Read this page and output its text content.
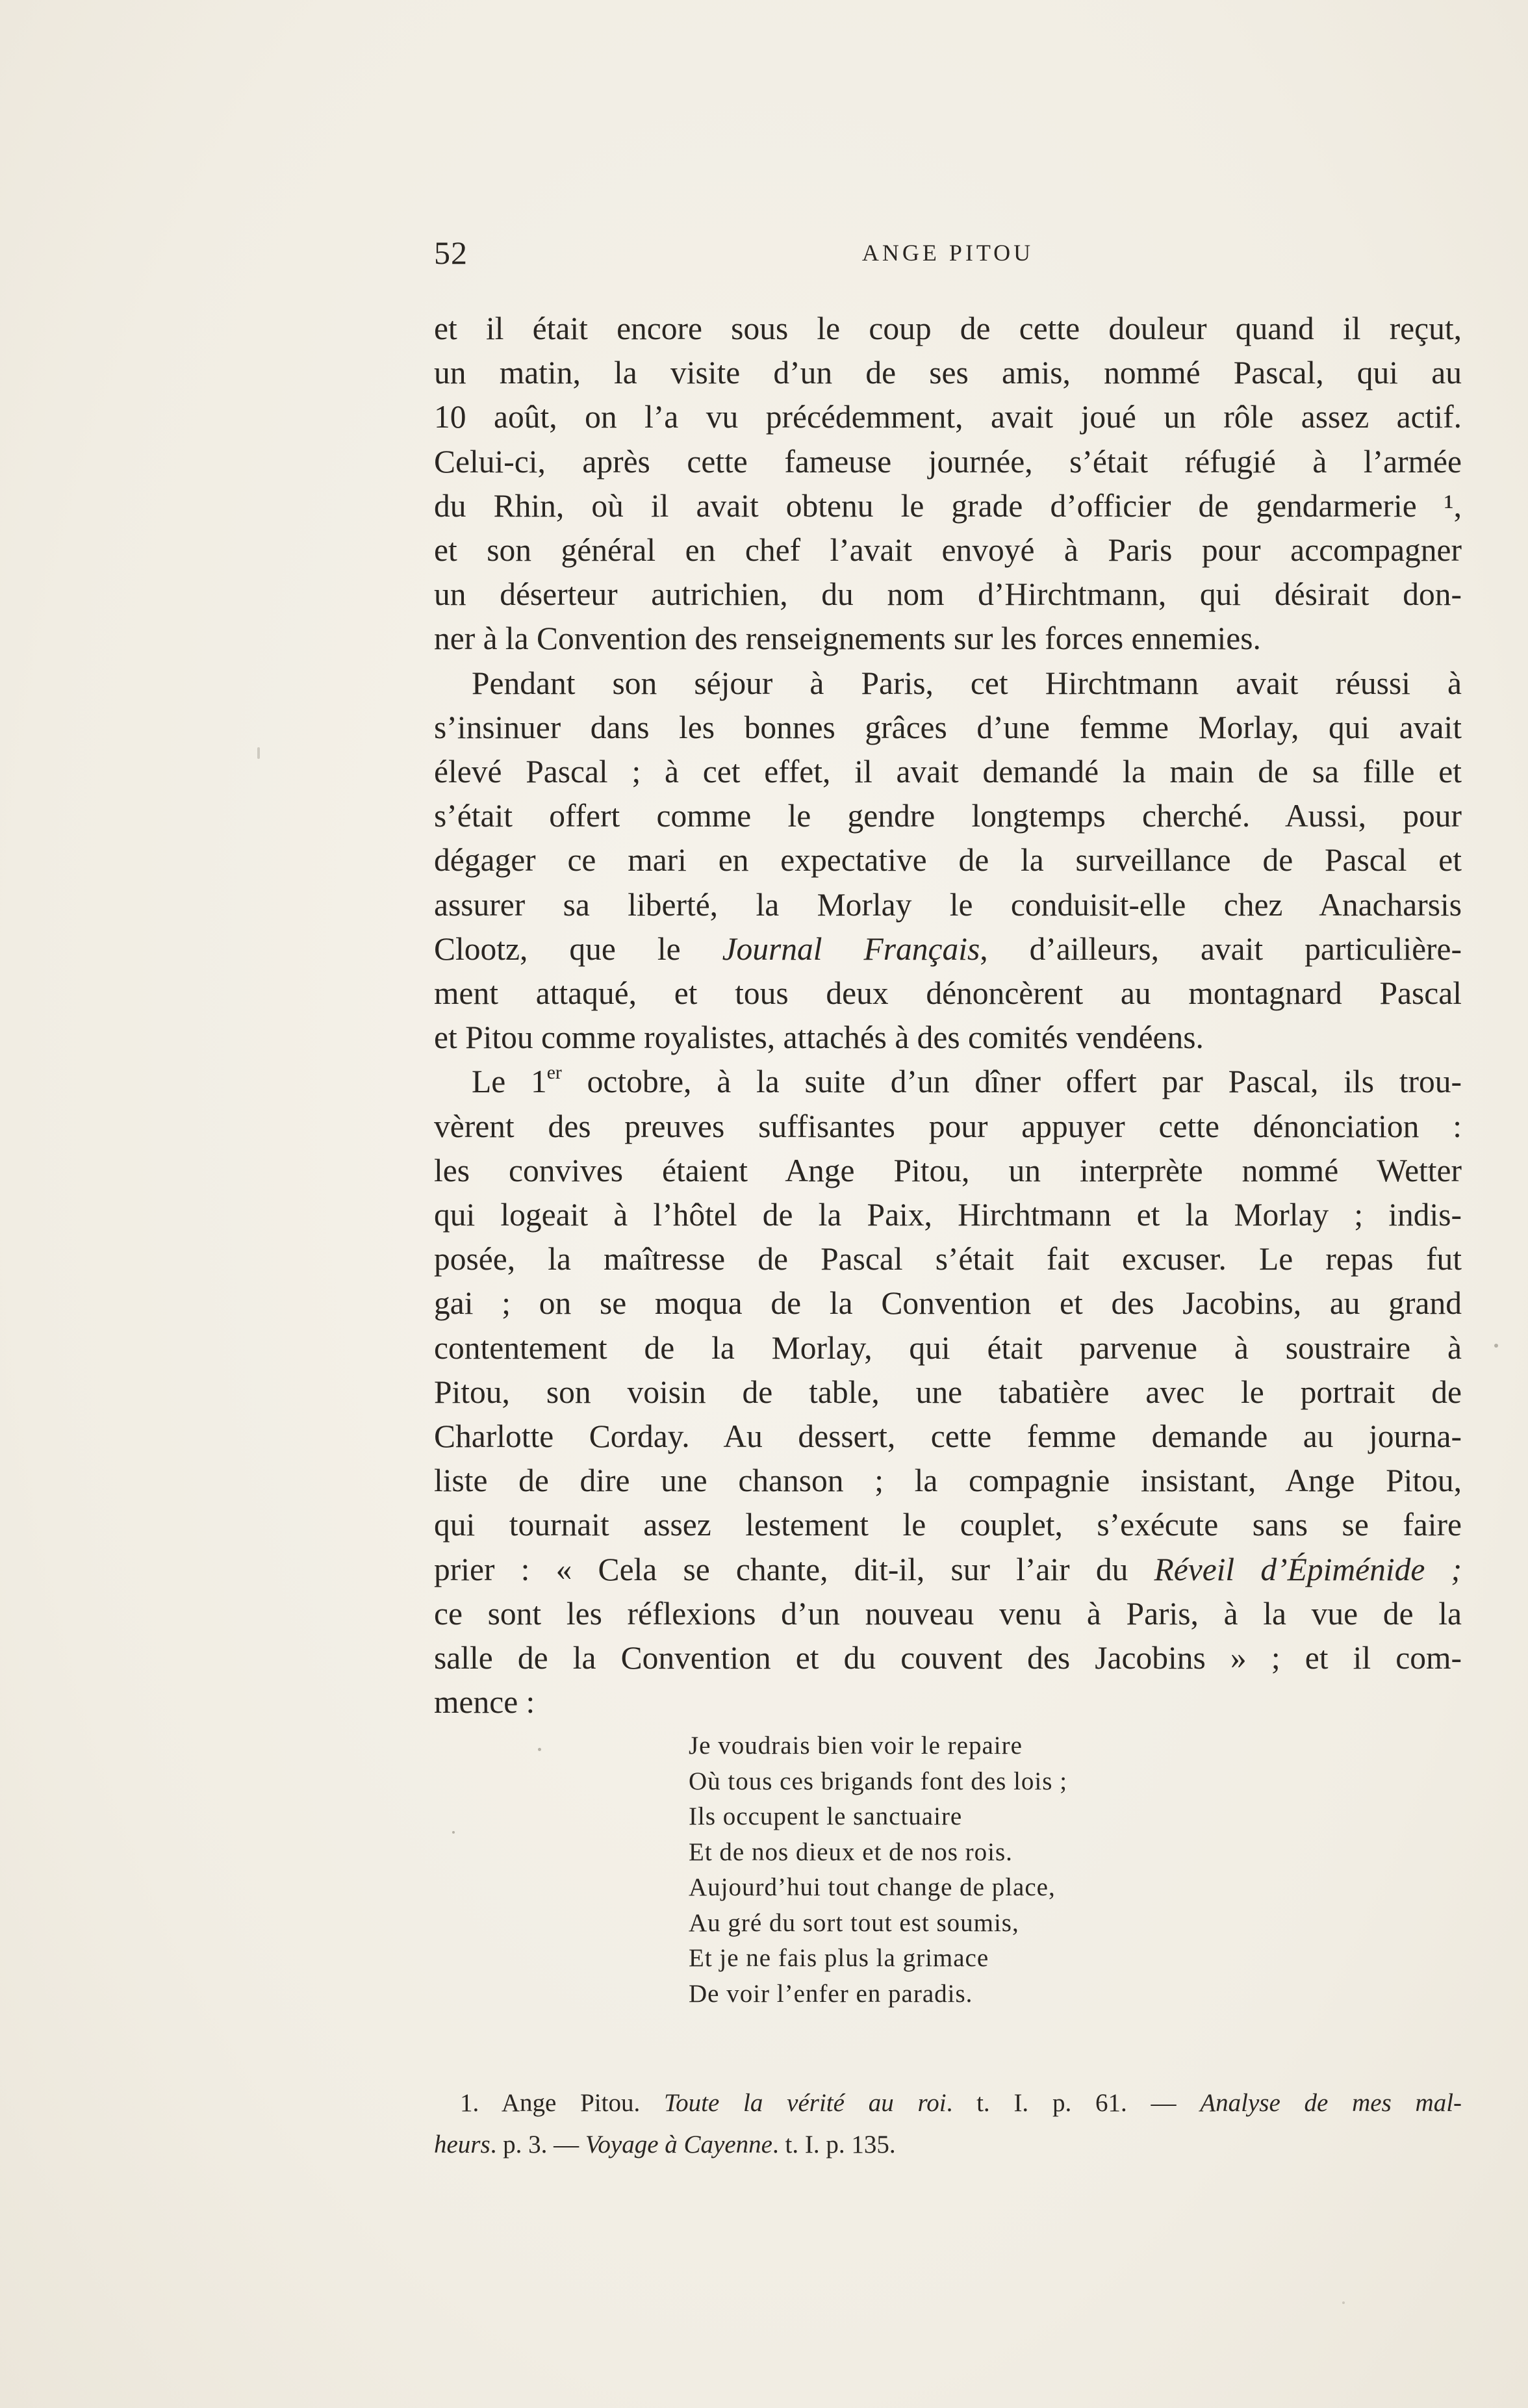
52	ANGE PITOU
et il était encore sous le coup de cette douleur quand il reçut,
un matin, la visite d’un de ses amis, nommé Pascal, qui au
10 août, on l’a vu précédemment, avait joué un rôle assez actif.
Celui-ci, après cette fameuse journée, s’était réfugié à l’armée
du Rhin, où il avait obtenu le grade d’officier de gendarmerie ¹,
et son général en chef l’avait envoyé à Paris pour accompagner
un déserteur autrichien, du nom d’Hirchtmann, qui désirait don-
ner à la Convention des renseignements sur les forces ennemies.
Pendant son séjour à Paris, cet Hirchtmann avait réussi à
s’insinuer dans les bonnes grâces d’une femme Morlay, qui avait
élevé Pascal ; à cet effet, il avait demandé la main de sa fille et
s’était offert comme le gendre longtemps cherché. Aussi, pour
dégager ce mari en expectative de la surveillance de Pascal et
assurer sa liberté, la Morlay le conduisit-elle chez Anacharsis
Clootz, que le Journal Français, d’ailleurs, avait particulière-
ment attaqué, et tous deux dénoncèrent au montagnard Pascal
et Pitou comme royalistes, attachés à des comités vendéens.
Le 1er octobre, à la suite d’un dîner offert par Pascal, ils trou-
vèrent des preuves suffisantes pour appuyer cette dénonciation :
les convives étaient Ange Pitou, un interprète nommé Wetter
qui logeait à l’hôtel de la Paix, Hirchtmann et la Morlay ; indis-
posée, la maîtresse de Pascal s’était fait excuser. Le repas fut
gai ; on se moqua de la Convention et des Jacobins, au grand
contentement de la Morlay, qui était parvenue à soustraire à
Pitou, son voisin de table, une tabatière avec le portrait de
Charlotte Corday. Au dessert, cette femme demande au journa-
liste de dire une chanson ; la compagnie insistant, Ange Pitou,
qui tournait assez lestement le couplet, s’exécute sans se faire
prier : « Cela se chante, dit-il, sur l’air du Réveil d’Épiménide ;
ce sont les réflexions d’un nouveau venu à Paris, à la vue de la
salle de la Convention et du couvent des Jacobins » ; et il com-
mence :
Je voudrais bien voir le repaire
Où tous ces brigands font des lois ;
Ils occupent le sanctuaire
Et de nos dieux et de nos rois.
Aujourd’hui tout change de place,
Au gré du sort tout est soumis,
Et je ne fais plus la grimace
De voir l’enfer en paradis.
1. Ange Pitou. Toute la vérité au roi. t. I. p. 61. — Analyse de mes mal-
heurs. p. 3. — Voyage à Cayenne. t. I. p. 135.
